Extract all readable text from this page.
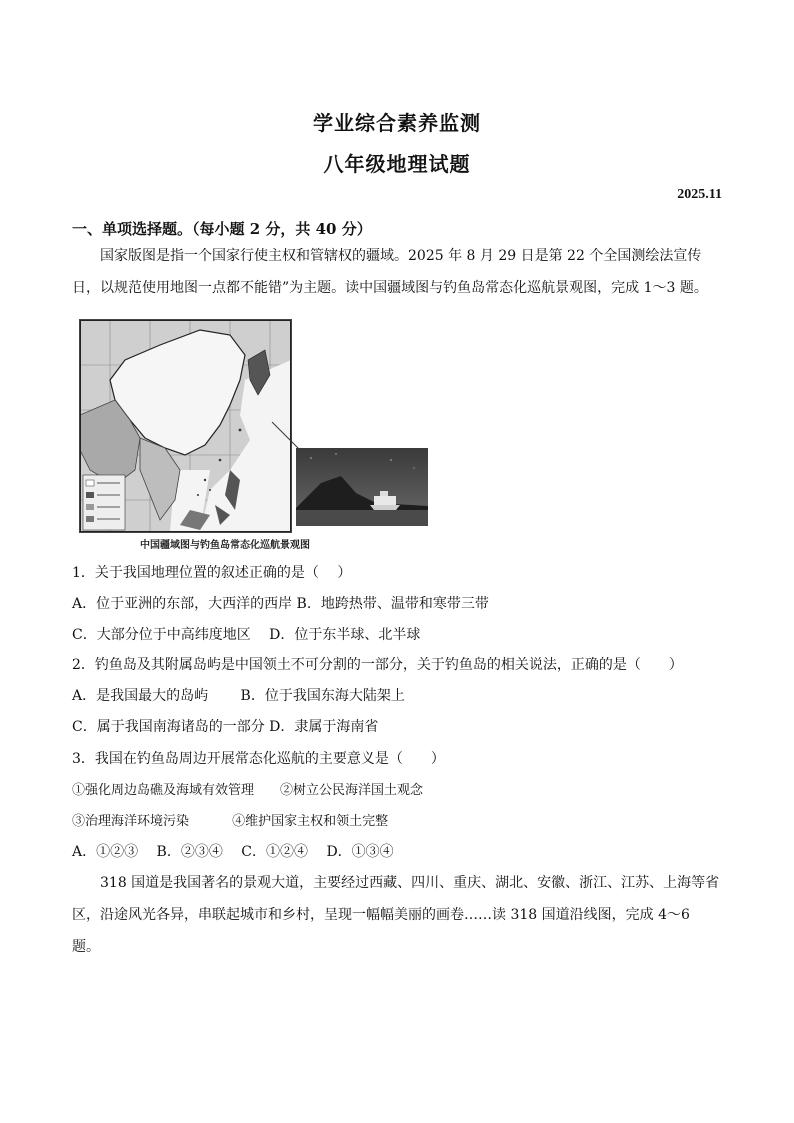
学业综合素养监测
八年级地理试题
2025.11
一、单项选择题。（每小题 2 分，共 40 分）
国家版图是指一个国家行使主权和管辖权的疆域。2025 年 8 月 29 日是第 22 个全国测绘法宣传日，以规范使用地图一点都不能错”为主题。读中国疆域图与钓鱼岛常态化巡航景观图，完成 1～3 题。
中国疆域图与钓鱼岛常态化巡航景观图
1．关于我国地理位置的叙述正确的是（　 ）
A．位于亚洲的东部，大西洋的西岸 B．地跨热带、温带和寒带三带
C．大部分位于中高纬度地区　 D．位于东半球、北半球
2．钓鱼岛及其附属岛屿是中国领土不可分割的一部分，关于钓鱼岛的相关说法，正确的是（　　）
A．是我国最大的岛屿　　 B．位于我国东海大陆架上
C．属于我国南海诸岛的一部分 D．隶属于海南省
3．我国在钓鱼岛周边开展常态化巡航的主要意义是（　　）
①强化周边岛礁及海域有效管理　　②树立公民海洋国土观念
③治理海洋环境污染　　　 ④维护国家主权和领土完整
A．①②③　 B．②③④　 C．①②④　 D．①③④
318 国道是我国著名的景观大道，主要经过西藏、四川、重庆、湖北、安徽、浙江、江苏、上海等省区，沿途风光各异，串联起城市和乡村，呈现一幅幅美丽的画卷……读 318 国道沿线图，完成 4～6 题。
